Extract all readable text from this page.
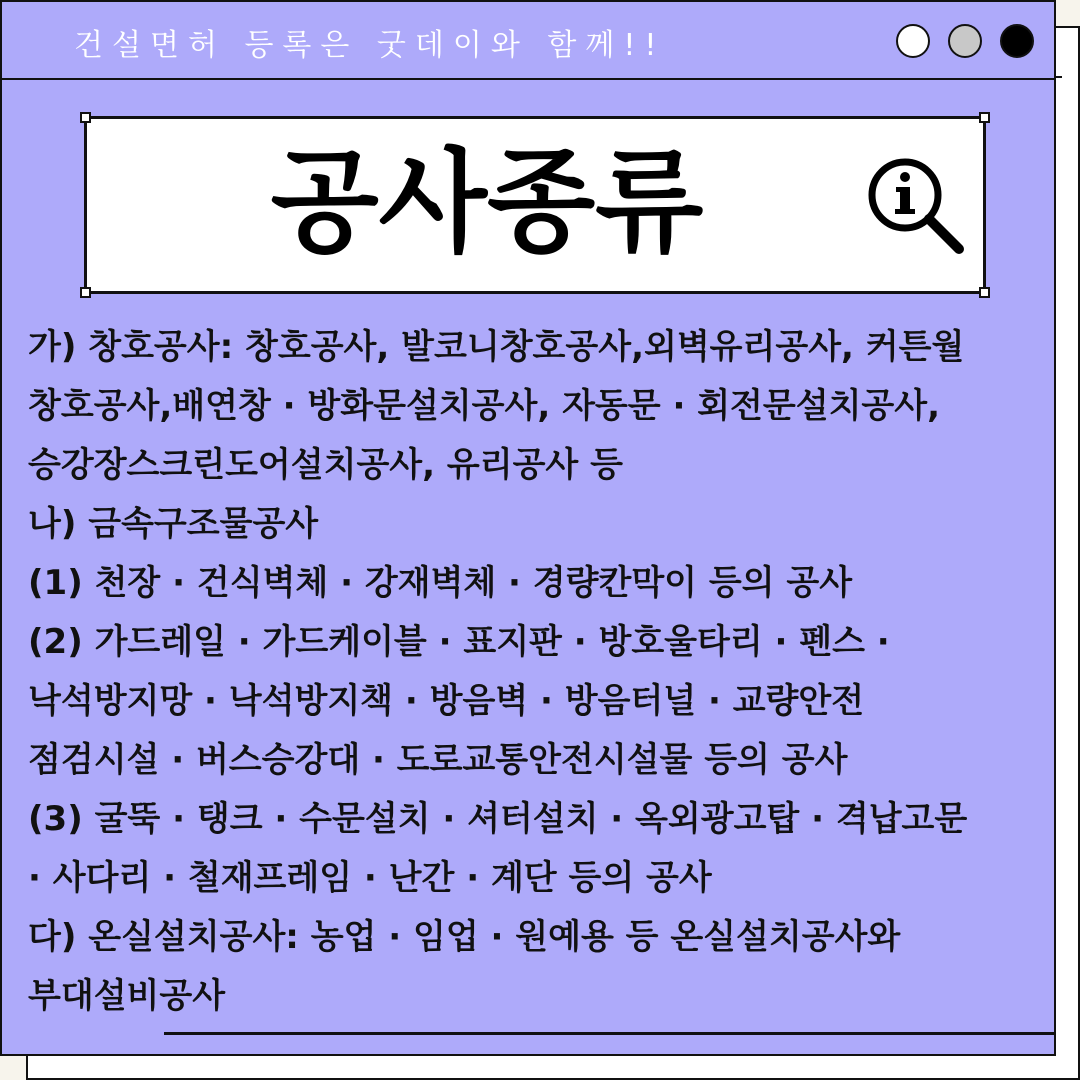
건설면허 등록은 굿데이와 함께!!
공사종류
가) 창호공사: 창호공사, 발코니창호공사,외벽유리공사, 커튼월
창호공사,배연창 · 방화문설치공사, 자동문 · 회전문설치공사,
승강장스크린도어설치공사, 유리공사 등
나) 금속구조물공사
(1) 천장 · 건식벽체 · 강재벽체 · 경량칸막이 등의 공사
(2) 가드레일 · 가드케이블 · 표지판 · 방호울타리 · 펜스 ·
낙석방지망 · 낙석방지책 · 방음벽 · 방음터널 · 교량안전
점검시설 · 버스승강대 · 도로교통안전시설물 등의 공사
(3) 굴뚝 · 탱크 · 수문설치 · 셔터설치 · 옥외광고탑 · 격납고문
· 사다리 · 철재프레임 · 난간 · 계단 등의 공사
다) 온실설치공사: 농업 · 임업 · 원예용 등 온실설치공사와
부대설비공사
